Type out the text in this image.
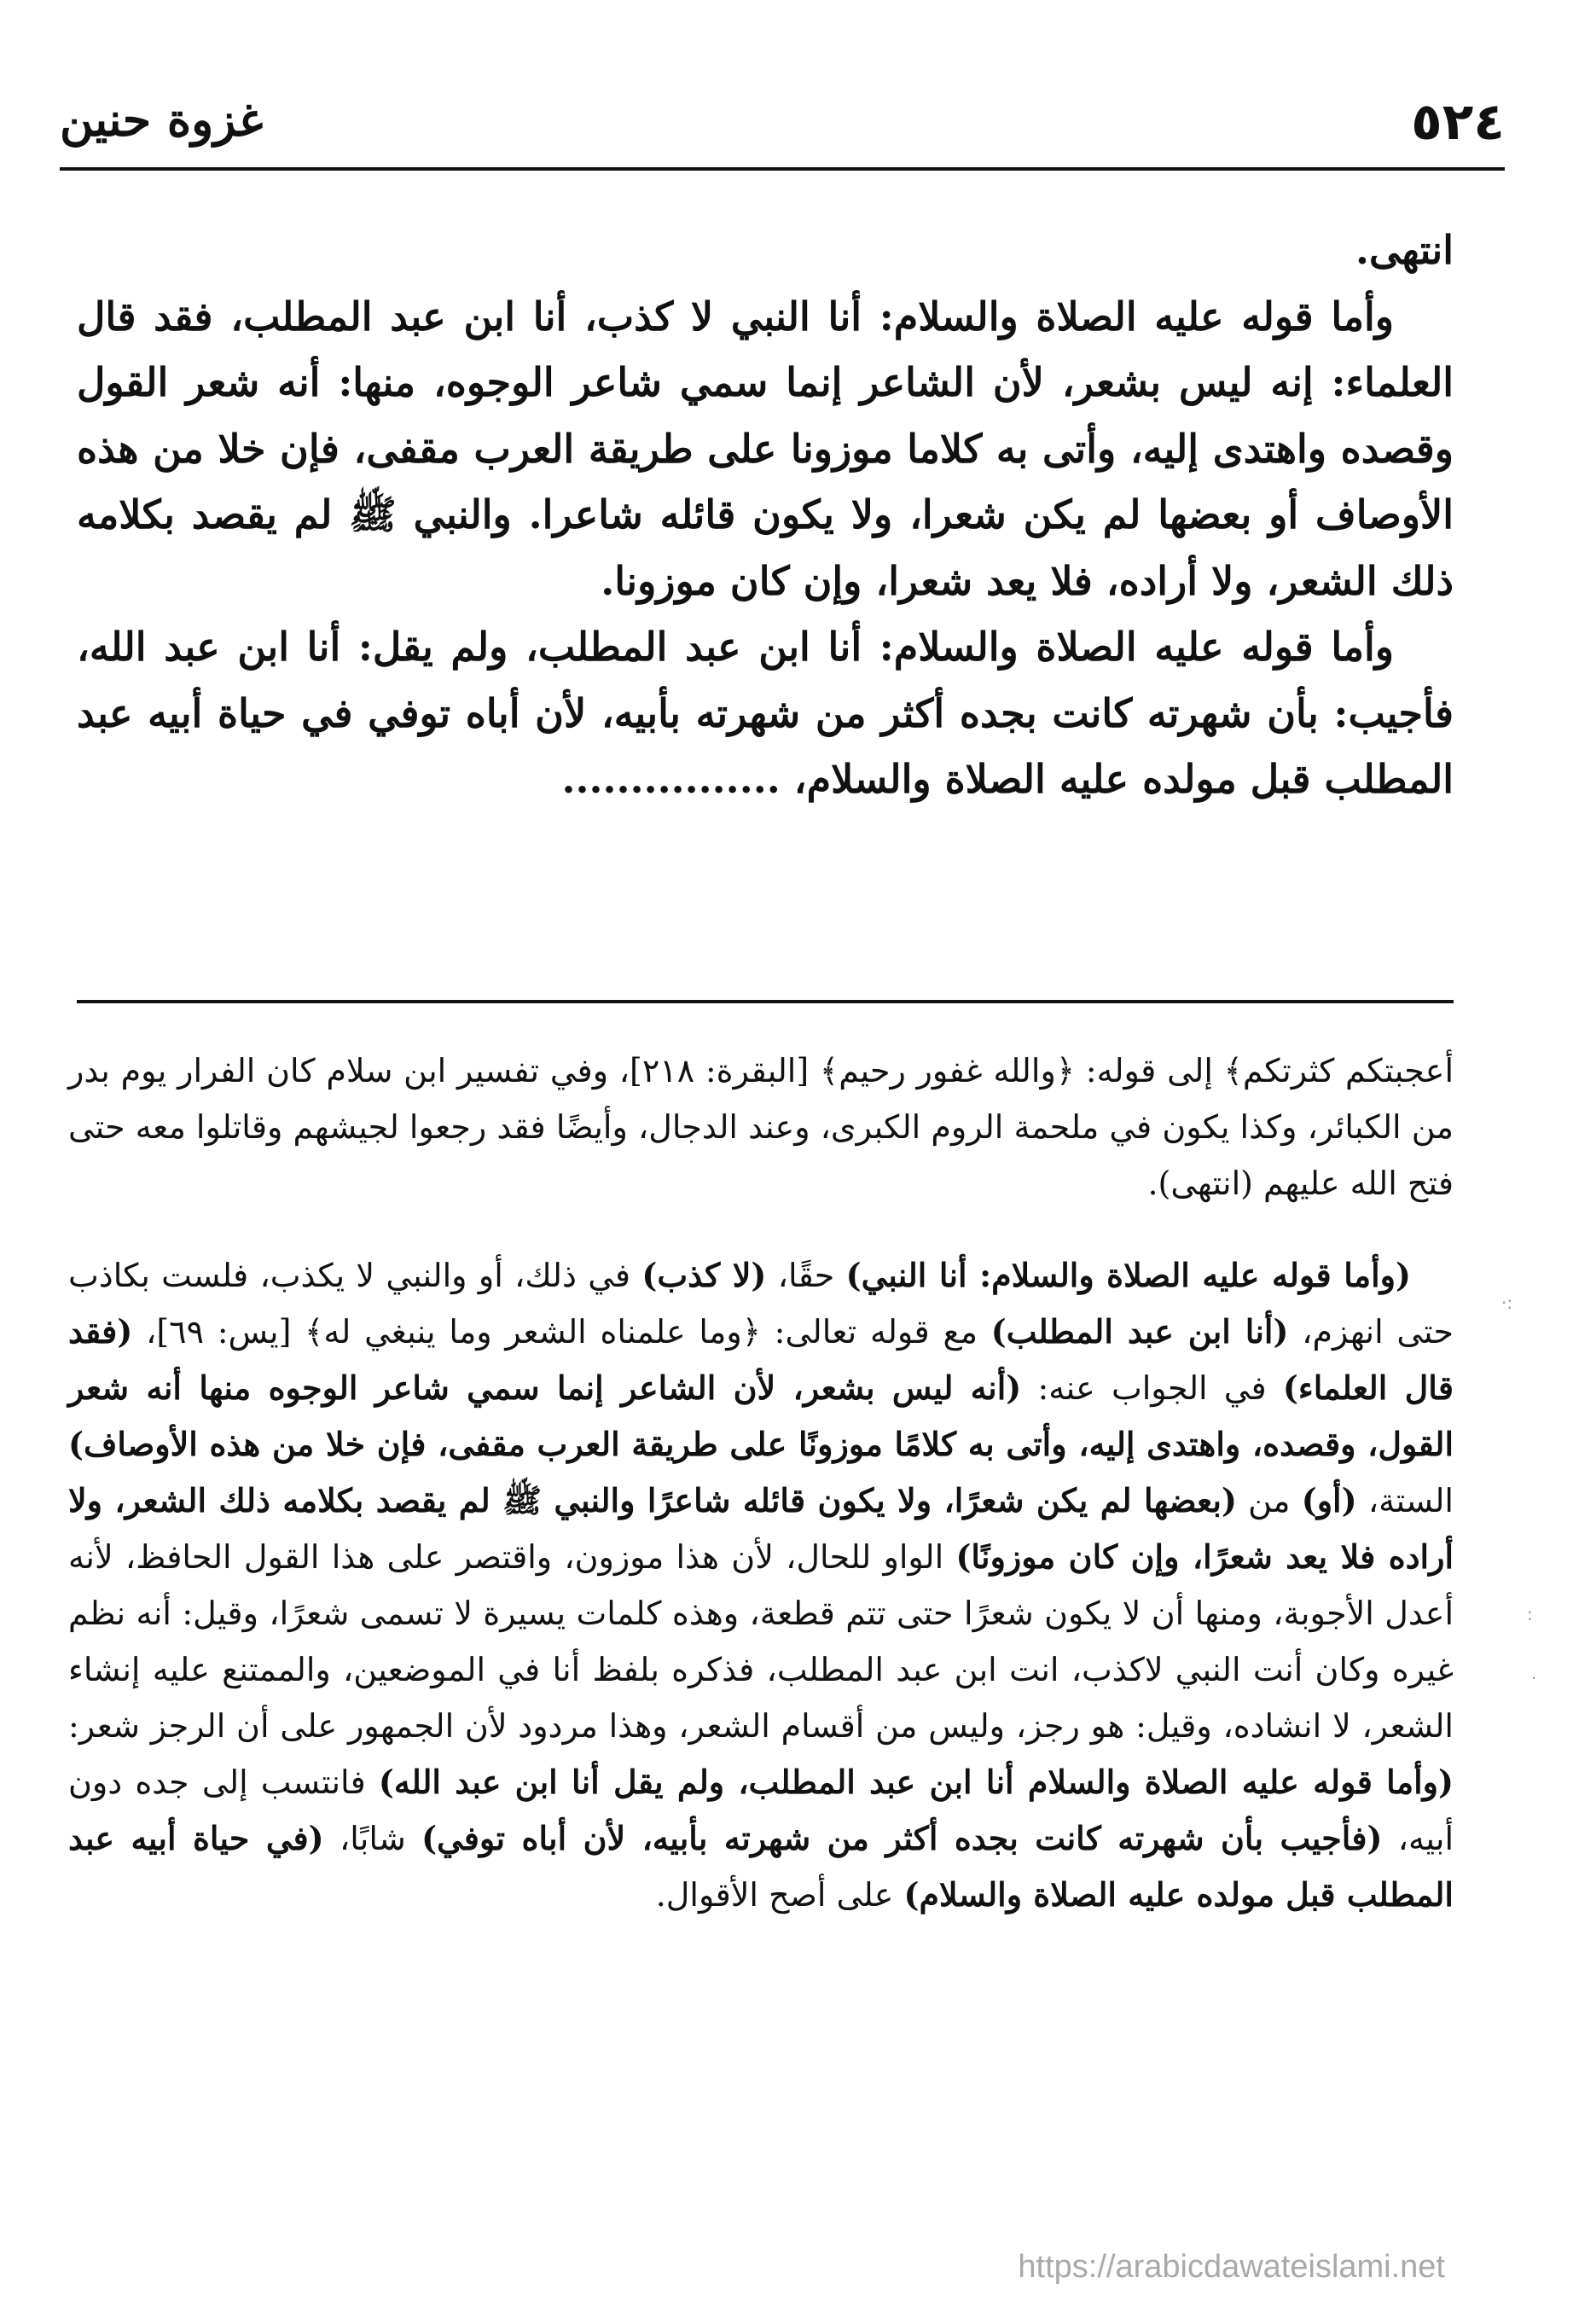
٥٢٤
غزوة حنين

انتهى.

وأما قوله عليه الصلاة والسلام: أنا النبي لا كذب، أنا ابن عبد المطلب، فقد قال العلماء: إنه ليس بشعر، لأن الشاعر إنما سمي شاعر الوجوه، منها: أنه شعر القول وقصده واهتدى إليه، وأتى به كلاما موزونا على طريقة العرب مقفى، فإن خلا من هذه الأوصاف أو بعضها لم يكن شعرا، ولا يكون قائله شاعرا. والنبي ﷺ لم يقصد بكلامه ذلك الشعر، ولا أراده، فلا يعد شعرا، وإن كان موزونا.

وأما قوله عليه الصلاة والسلام: أنا ابن عبد المطلب، ولم يقل: أنا ابن عبد الله، فأجيب: بأن شهرته كانت بجده أكثر من شهرته بأبيه، لأن أباه توفي في حياة أبيه عبد المطلب قبل مولده عليه الصلاة والسلام، ................

أعجبتكم كثرتكم﴾ إلى قوله: ﴿والله غفور رحيم﴾ [البقرة: ٢١٨]، وفي تفسير ابن سلام كان الفرار يوم بدر من الكبائر، وكذا يكون في ملحمة الروم الكبرى، وعند الدجال، وأيضًا فقد رجعوا لجيشهم وقاتلوا معه حتى فتح الله عليهم (انتهى).

(وأما قوله عليه الصلاة والسلام: أنا النبي) حقًا، (لا كذب) في ذلك، أو والنبي لا يكذب، فلست بكاذب حتى انهزم، (أنا ابن عبد المطلب) مع قوله تعالى: ﴿وما علمناه الشعر وما ينبغي له﴾ [يس: ٦٩]، (فقد قال العلماء) في الجواب عنه: (أنه ليس بشعر، لأن الشاعر إنما سمي شاعر الوجوه منها أنه شعر القول، وقصده، واهتدى إليه، وأتى به كلامًا موزونًا على طريقة العرب مقفى، فإن خلا من هذه الأوصاف) الستة، (أو) من (بعضها لم يكن شعرًا، ولا يكون قائله شاعرًا والنبي ﷺ لم يقصد بكلامه ذلك الشعر، ولا أراده فلا يعد شعرًا، وإن كان موزونًا) الواو للحال، لأن هذا موزون، واقتصر على هذا القول الحافظ، لأنه أعدل الأجوبة، ومنها أن لا يكون شعرًا حتى تتم قطعة، وهذه كلمات يسيرة لا تسمى شعرًا، وقيل: أنه نظم غيره وكان أنت النبي لاكذب، انت ابن عبد المطلب، فذكره بلفظ أنا في الموضعين، والممتنع عليه إنشاء الشعر، لا انشاده، وقيل: هو رجز، وليس من أقسام الشعر، وهذا مردود لأن الجمهور على أن الرجز شعر: (وأما قوله عليه الصلاة والسلام أنا ابن عبد المطلب، ولم يقل أنا ابن عبد الله) فانتسب إلى جده دون أبيه، (فأجيب بأن شهرته كانت بجده أكثر من شهرته بأبيه، لأن أباه توفي) شابًا، (في حياة أبيه عبد المطلب قبل مولده عليه الصلاة والسلام) على أصح الأقوال.

·:
:
·
https://arabicdawateislami.net
